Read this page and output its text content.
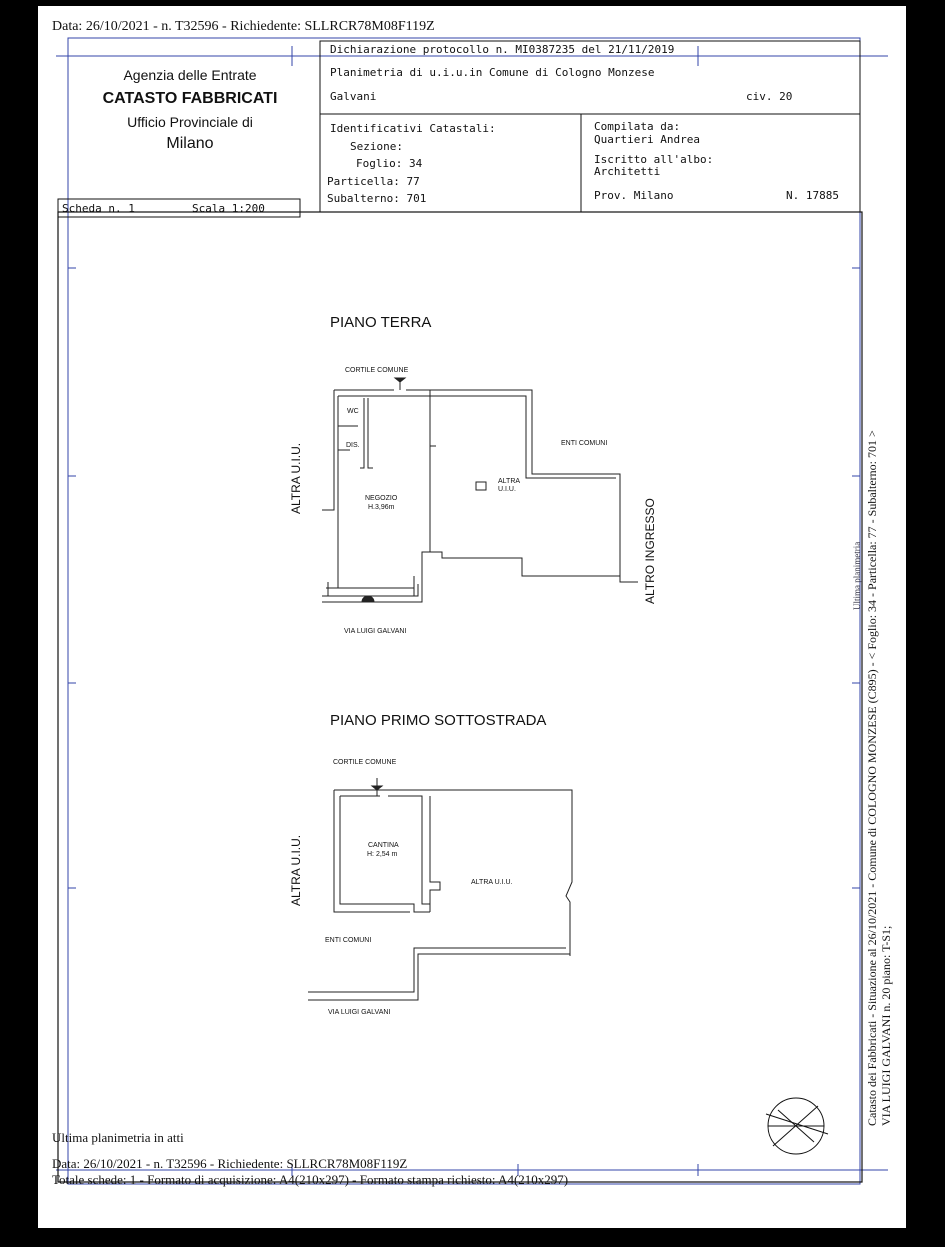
Data: 26/10/2021 - n. T32596 - Richiedente: SLLRCR78M08F119Z
Agenzia delle Entrate
CATASTO FABBRICATI
Ufficio Provinciale di
Milano
Scheda n. 1	Scala 1:200
Dichiarazione protocollo n. MI0387235 del 21/11/2019
Planimetria di u.i.u.in Comune di Cologno Monzese
Galvani	civ. 20
Identificativi Catastali:
Sezione:
Foglio: 34
Particella: 77
Subalterno: 701
Compilata da:
Quartieri Andrea
Iscritto all'albo:
Architetti
Prov. Milano	N. 17885
PIANO TERRA
CORTILE COMUNE
WC
DIS.	ENTI COMUNI
NEGOZIO
H.3,96m
ALTRA
U.I.U.
ALTRA U.I.U.
ALTRO INGRESSO
VIA LUIGI GALVANI
PIANO PRIMO SOTTOSTRADA
CORTILE COMUNE
CANTINA
H: 2,54 m
ALTRA U.I.U.
ALTRA U.I.U.
ENTI COMUNI
VIA LUIGI GALVANI	Catasto dei Fabbricati - Situazione al 26/10/2021 - Comune di COLOGNO MONZESE (C895) - < Foglio: 34 - Particella: 77 - Subalterno: 701 > VIA LUIGI GALVANI n. 20 piano: T-S1;
Ultima planimetria
Ultima planimetria in atti
Data: 26/10/2021 - n. T32596 - Richiedente: SLLRCR78M08F119Z
Totale schede: 1 - Formato di acquisizione: A4(210x297) - Formato stampa richiesto: A4(210x297)
